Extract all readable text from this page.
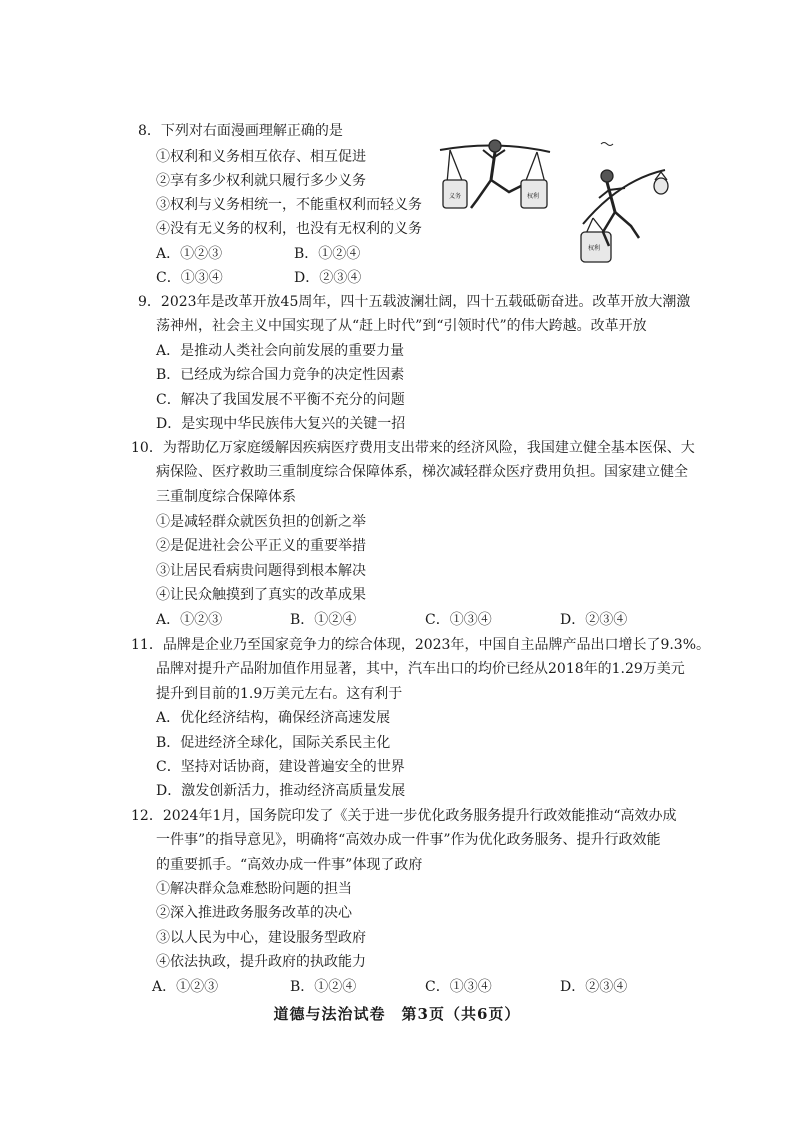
8．下列对右面漫画理解正确的是
①权利和义务相互依存、相互促进
②享有多少权利就只履行多少义务
③权利与义务相统一，不能重权利而轻义务
④没有无义务的权利，也没有无权利的义务
A．①②③	B．①②④
C．①③④	D．②③④
义务	权利
权利
9．2023年是改革开放45周年，四十五载波澜壮阔，四十五载砥砺奋进。改革开放大潮激
荡神州，社会主义中国实现了从“赶上时代”到“引领时代”的伟大跨越。改革开放
A．是推动人类社会向前发展的重要力量
B．已经成为综合国力竞争的决定性因素
C．解决了我国发展不平衡不充分的问题
D．是实现中华民族伟大复兴的关键一招
10．为帮助亿万家庭缓解因疾病医疗费用支出带来的经济风险，我国建立健全基本医保、大
病保险、医疗救助三重制度综合保障体系，梯次减轻群众医疗费用负担。国家建立健全
三重制度综合保障体系
①是减轻群众就医负担的创新之举
②是促进社会公平正义的重要举措
③让居民看病贵问题得到根本解决
④让民众触摸到了真实的改革成果
A．①②③	B．①②④	C．①③④	D．②③④
11．品牌是企业乃至国家竞争力的综合体现，2023年，中国自主品牌产品出口增长了9.3%。
品牌对提升产品附加值作用显著，其中，汽车出口的均价已经从2018年的1.29万美元
提升到目前的1.9万美元左右。这有利于
A．优化经济结构，确保经济高速发展
B．促进经济全球化，国际关系民主化
C．坚持对话协商，建设普遍安全的世界
D．激发创新活力，推动经济高质量发展
12．2024年1月，国务院印发了《关于进一步优化政务服务提升行政效能推动“高效办成
一件事”的指导意见》，明确将“高效办成一件事”作为优化政务服务、提升行政效能
的重要抓手。“高效办成一件事”体现了政府
①解决群众急难愁盼问题的担当
②深入推进政务服务改革的决心
③以人民为中心，建设服务型政府
④依法执政，提升政府的执政能力
A．①②③	B．①②④	C．①③④	D．②③④
道德与法治试卷　第3页（共6页）
